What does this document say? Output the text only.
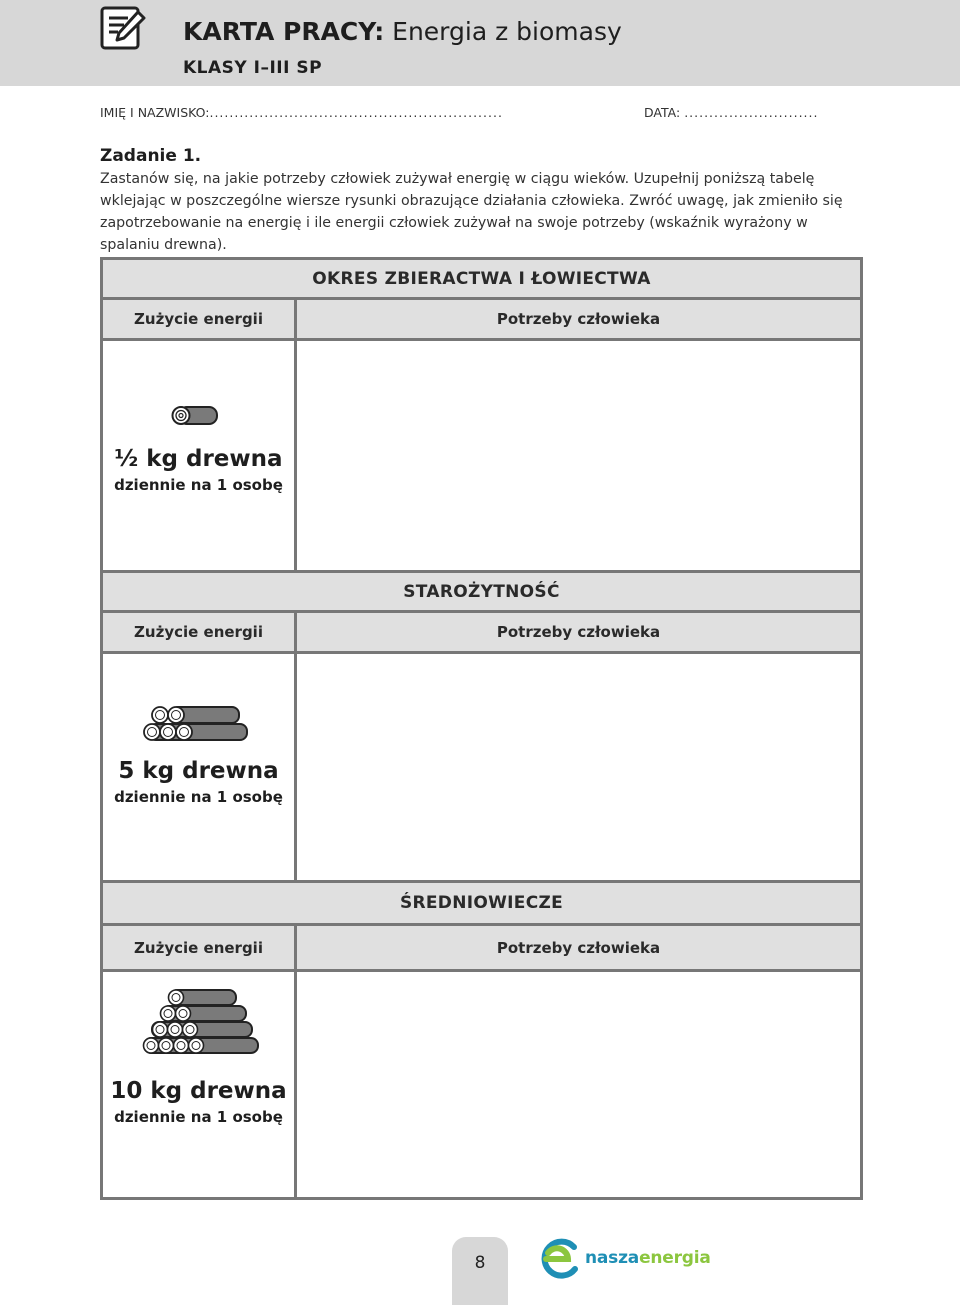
KARTA PRACY: Energia z biomasy
KLASY I–III SP
IMIĘ I NAZWISKO:...........................................................	DATA: ...........................
Zadanie 1.
Zastanów się, na jakie potrzeby człowiek zużywał energię w ciągu wieków. Uzupełnij poniższą tabelę wklejając w poszczególne wiersze rysunki obrazujące działania człowieka. Zwróć uwagę, jak zmieniło się zapotrzebowanie na energię i ile energii człowiek zużywał na swoje potrzeby (wskaźnik wyrażony w spalaniu drewna).
OKRES ZBIERACTWA I ŁOWIECTWA
Zużycie energii	Potrzeby człowieka
½ kg drewna
dziennie na 1 osobę
STAROŻYTNOŚĆ
Zużycie energii	Potrzeby człowieka
5 kg drewna
dziennie na 1 osobę
ŚREDNIOWIECZE
Zużycie energii	Potrzeby człowieka
10 kg drewna
dziennie na 1 osobę
8	naszaenergia
